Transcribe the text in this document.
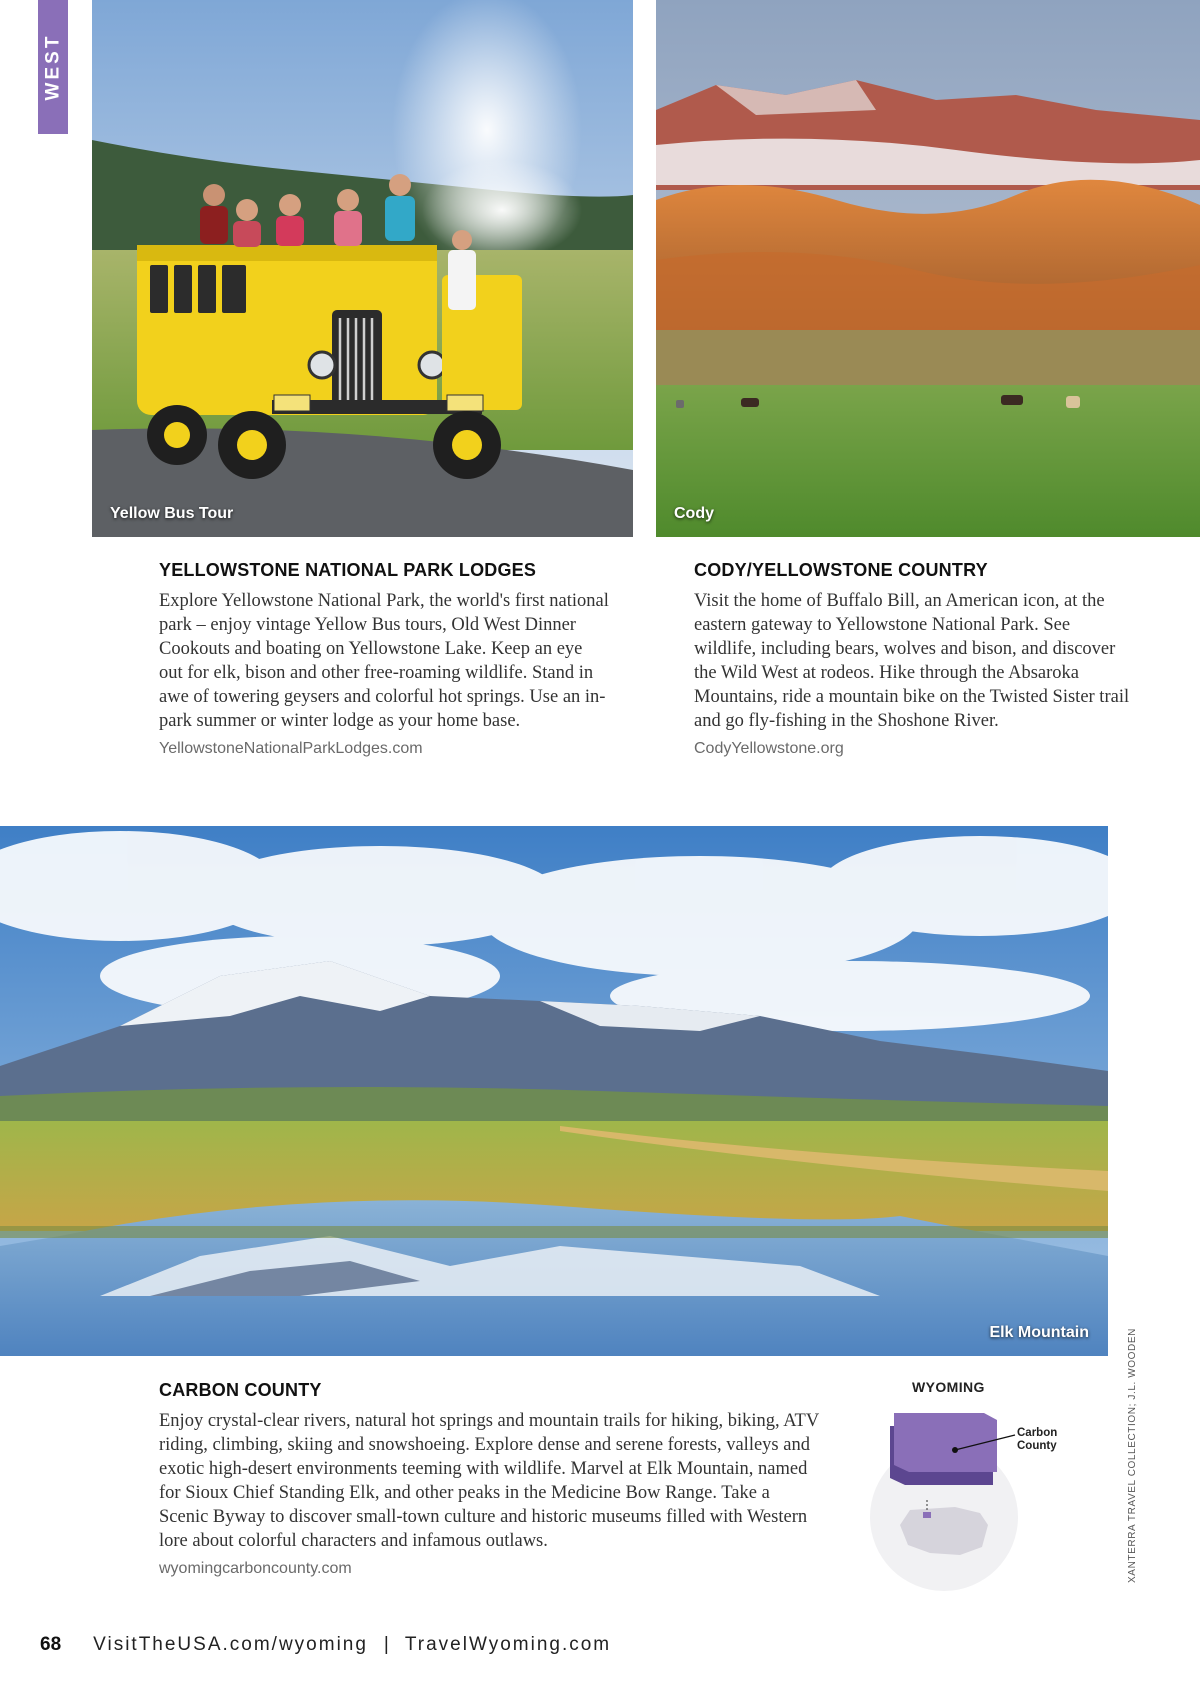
WEST
Yellow Bus Tour	Cody
YELLOWSTONE NATIONAL PARK LODGES

Explore Yellowstone National Park, the world's first national park – enjoy vintage Yellow Bus tours, Old West Dinner Cookouts and boating on Yellowstone Lake. Keep an eye out for elk, bison and other free-roaming wildlife. Stand in awe of towering geysers and colorful hot springs. Use an in-park summer or winter lodge as your home base.

YellowstoneNationalParkLodges.com
CODY/YELLOWSTONE COUNTRY

Visit the home of Buffalo Bill, an American icon, at the eastern gateway to Yellowstone National Park. See wildlife, including bears, wolves and bison, and discover the Wild West at rodeos. Hike through the Absaroka Mountains, ride a mountain bike on the Twisted Sister trail and go fly-fishing in the Shoshone River.

CodyYellowstone.org
Elk Mountain
CARBON COUNTY

Enjoy crystal-clear rivers, natural hot springs and mountain trails for hiking, biking, ATV riding, climbing, skiing and snowshoeing. Explore dense and serene forests, valleys and exotic high-desert environments teeming with wildlife. Marvel at Elk Mountain, named for Sioux Chief Standing Elk, and other peaks in the Medicine Bow Range. Take a Scenic Byway to discover small-town culture and historic museums filled with Western lore about colorful characters and infamous outlaws.

wyomingcarboncounty.com
WYOMING
Carbon
County	XANTERRA TRAVEL COLLECTION; J.L. WOODEN
68 VisitTheUSA.com/wyoming | TravelWyoming.com
